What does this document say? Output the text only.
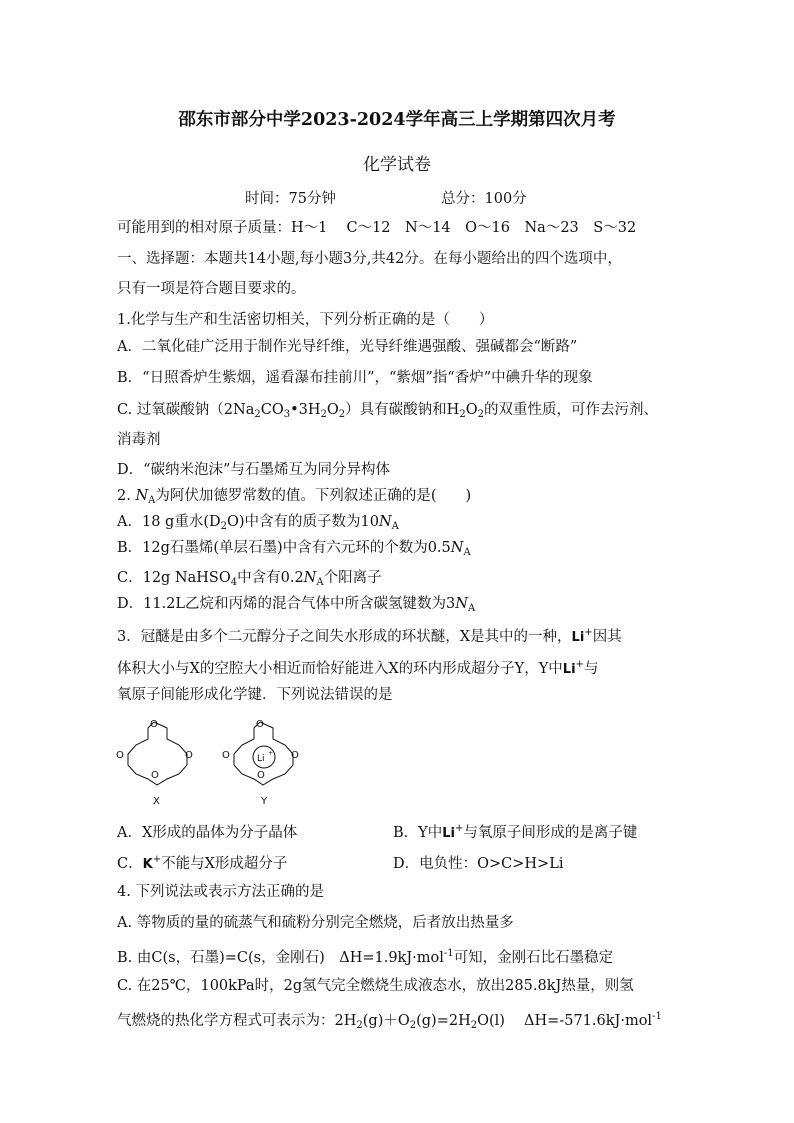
邵东市部分中学2023-2024学年高三上学期第四次月考
化学试卷
时间：75分钟	总分：100分
可能用到的相对原子质量：H～1　 C～12　N～14　O～16　Na～23　S～32
一、选择题：本题共14小题,每小题3分,共42分。在每小题给出的四个选项中，
只有一项是符合题目要求的。
1.化学与生产和生活密切相关，下列分析正确的是（　　）
A．二氧化硅广泛用于制作光导纤维，光导纤维遇强酸、强碱都会“断路”
B．“日照香炉生紫烟，遥看瀑布挂前川”，“紫烟”指“香炉”中碘升华的现象
C. 过氧碳酸钠$(2Na_2CO_3•3H_2O_2)$具有碳酸钠和$H_2O_2$的双重性质，可作去污剂、
消毒剂
D．“碳纳米泡沫”与石墨烯互为同分异构体
2. $N_A$为阿伏加德罗常数的值。下列叙述正确的是(　　)
A．18 g重水$(D_2O)$中含有的质子数为$10N_A$
B．12g石墨烯(单层石墨)中含有六元环的个数为$0.5N_A$
C．12g NaHSO$_4$中含有$0.2N_A$个阳离子
D．11.2L乙烷和丙烯的混合气体中所含碳氢键数为$3N_A$
3．冠醚是由多个二元醇分子之间失水形成的环状醚，X是其中的一种，Li+因其
体积大小与X的空腔大小相近而恰好能进入X的环内形成超分子Y，Y中Li+与
氧原子间能形成化学键．下列说法错误的是
O
O
O
O
X
O
O
O
O
Li
+
Y
A．X形成的晶体为分子晶体	B．Y中Li+与氧原子间形成的是离子键
C．K+不能与X形成超分子	D．电负性：O>C>H>Li
4. 下列说法或表示方法正确的是
A. 等物质的量的硫蒸气和硫粉分别完全燃烧，后者放出热量多
B. 由C(s，石墨)=C(s，金刚石)　ΔH=1.9kJ·mol$^{-1}$可知，金刚石比石墨稳定
C. 在25℃，100kPa时，2g氢气完全燃烧生成液态水，放出285.8kJ热量，则氢
气燃烧的热化学方程式可表示为：$2H_2(g)+O_2(g)=2H_2O(l)$　 ΔH=-571.6kJ·mol$^{-1}$
